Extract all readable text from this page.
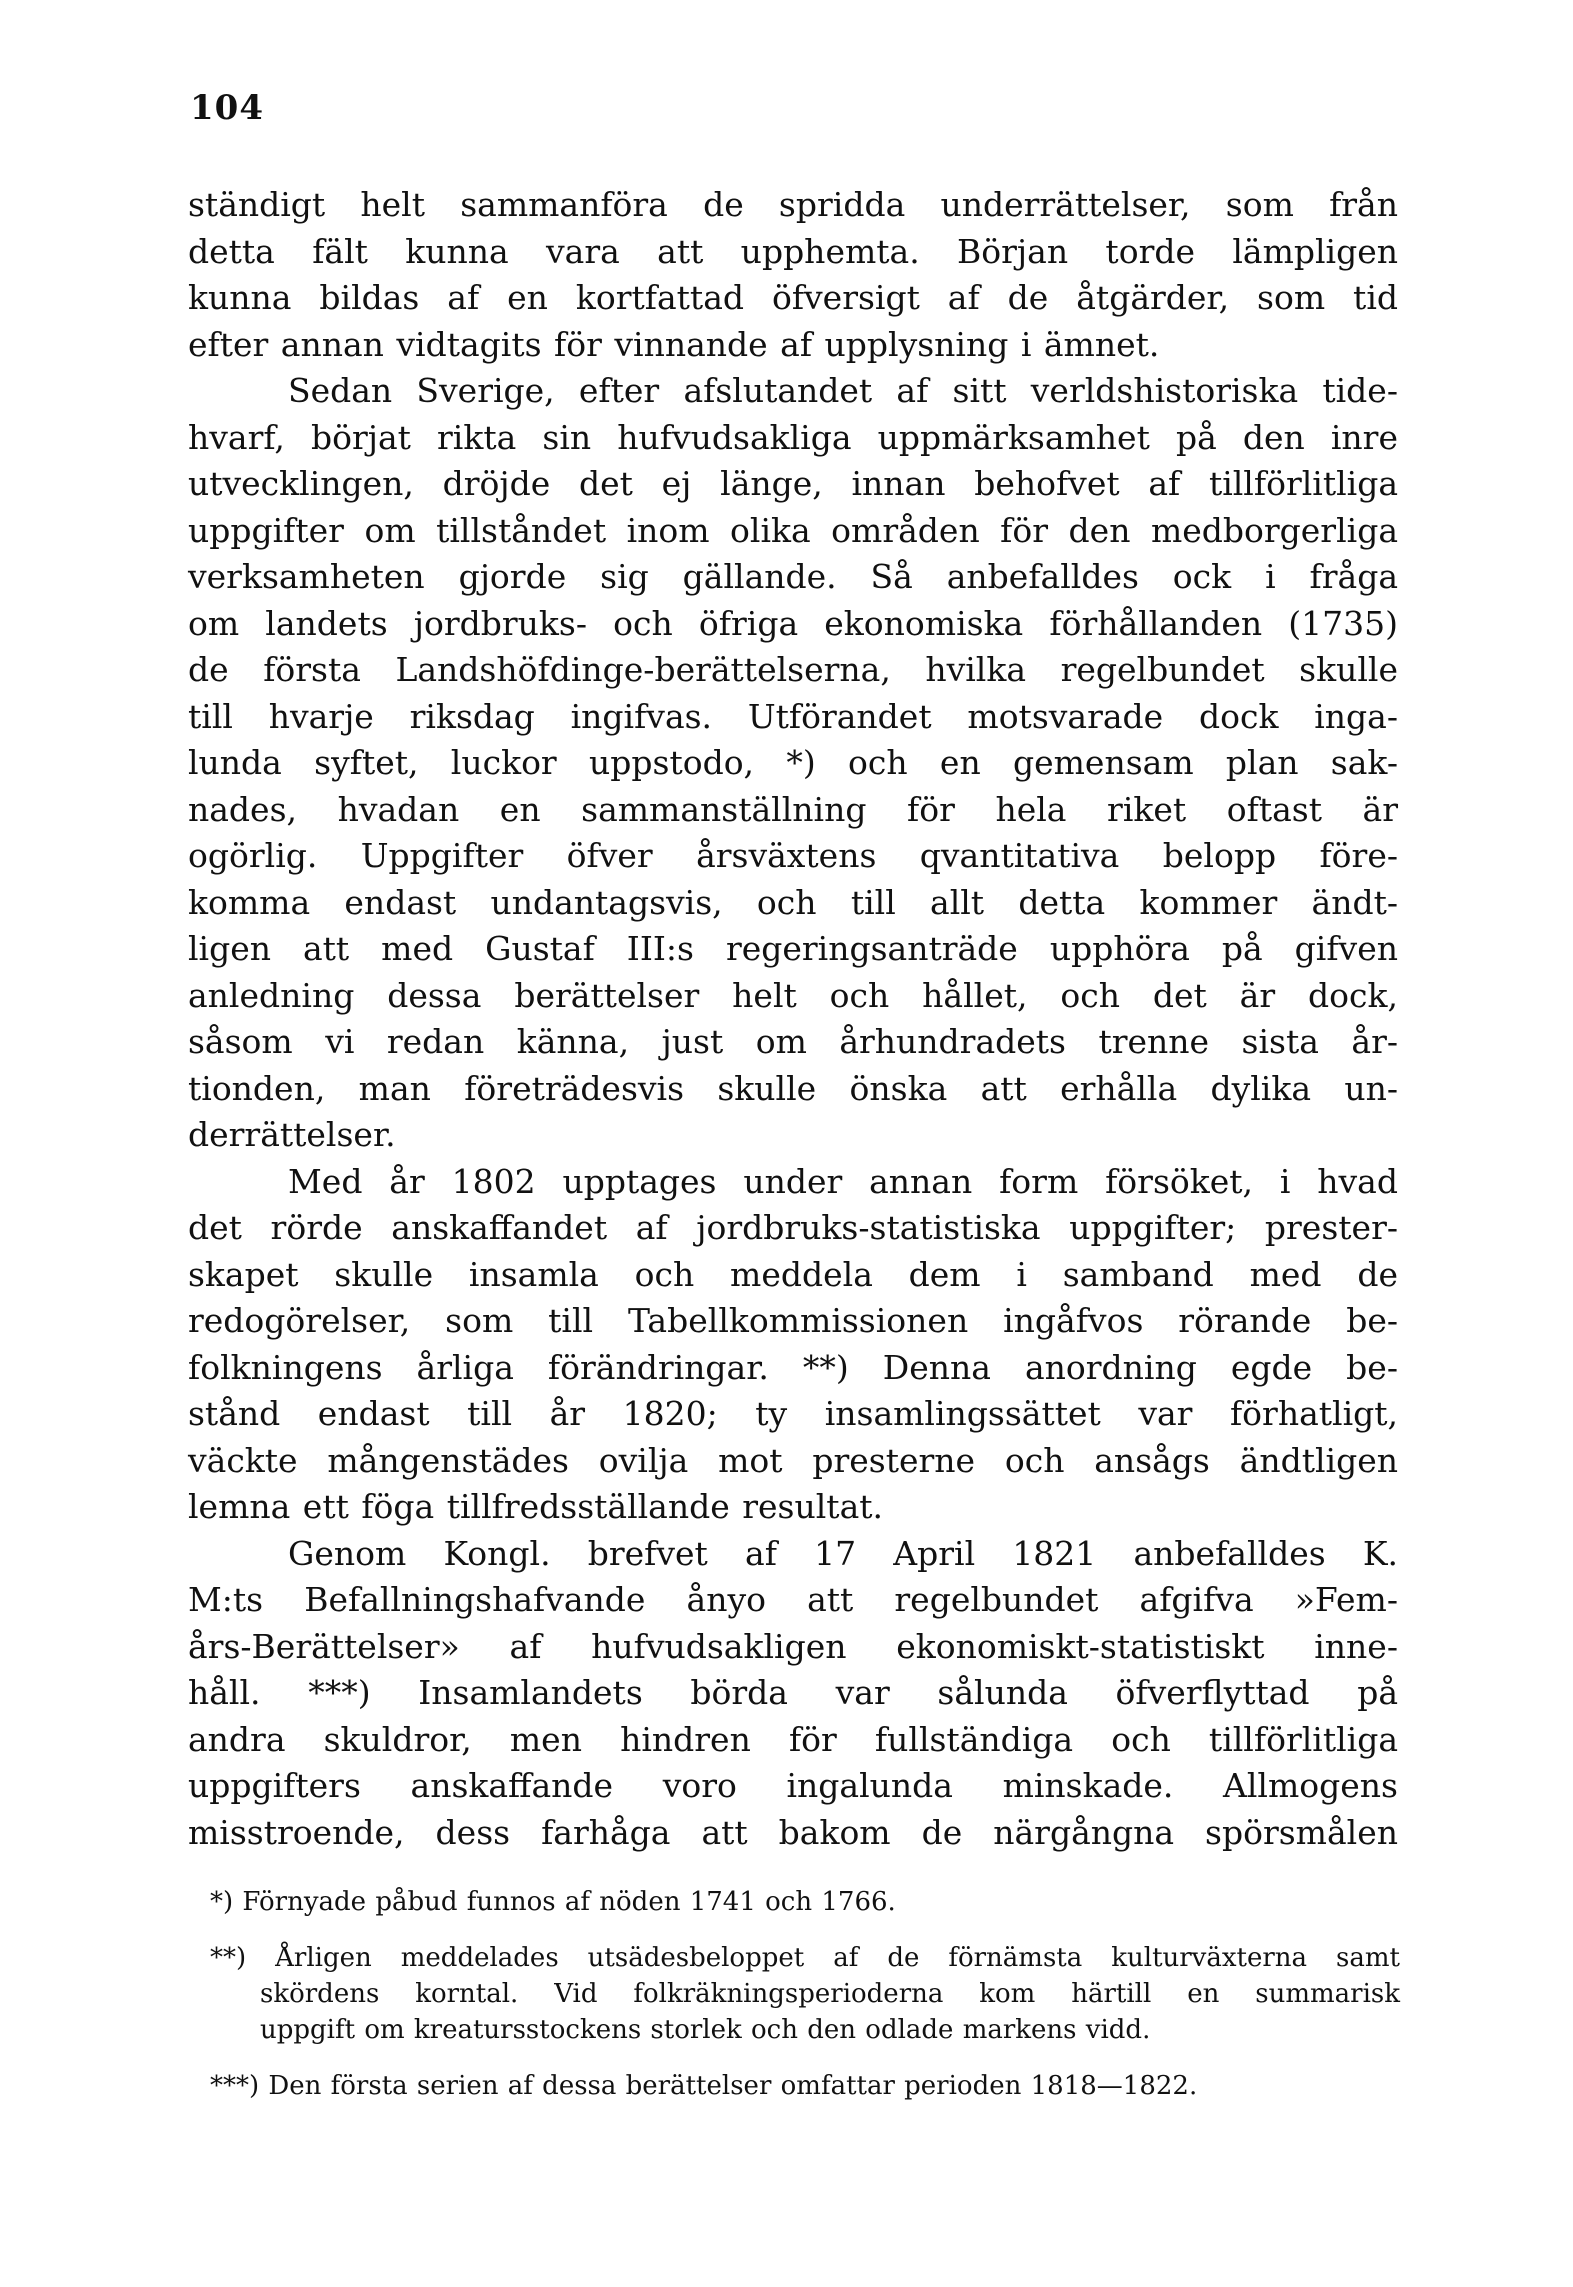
104
ständigt helt sammanföra de spridda underrättelser, som från
detta fält kunna vara att upphemta. Början torde lämpligen
kunna bildas af en kortfattad öfversigt af de åtgärder, som tid
efter annan vidtagits för vinnande af upplysning i ämnet.
Sedan Sverige, efter afslutandet af sitt verldshistoriska tide-
hvarf, börjat rikta sin hufvudsakliga uppmärksamhet på den inre
utvecklingen, dröjde det ej länge, innan behofvet af tillförlitliga
uppgifter om tillståndet inom olika områden för den medborgerliga
verksamheten gjorde sig gällande. Så anbefalldes ock i fråga
om landets jordbruks- och öfriga ekonomiska förhållanden (1735)
de första Landshöfdinge-berättelserna, hvilka regelbundet skulle
till hvarje riksdag ingifvas. Utförandet motsvarade dock inga-
lunda syftet, luckor uppstodo, *) och en gemensam plan sak-
nades, hvadan en sammanställning för hela riket oftast är
ogörlig. Uppgifter öfver årsväxtens qvantitativa belopp före-
komma endast undantagsvis, och till allt detta kommer ändt-
ligen att med Gustaf III:s regeringsanträde upphöra på gifven
anledning dessa berättelser helt och hållet, och det är dock,
såsom vi redan känna, just om århundradets trenne sista år-
tionden, man företrädesvis skulle önska att erhålla dylika un-
derrättelser.
Med år 1802 upptages under annan form försöket, i hvad
det rörde anskaffandet af jordbruks-statistiska uppgifter; prester-
skapet skulle insamla och meddela dem i samband med de
redogörelser, som till Tabellkommissionen ingåfvos rörande be-
folkningens årliga förändringar. **) Denna anordning egde be-
stånd endast till år 1820; ty insamlingssättet var förhatligt,
väckte mångenstädes ovilja mot presterne och ansågs ändtligen
lemna ett föga tillfredsställande resultat.
Genom Kongl. brefvet af 17 April 1821 anbefalldes K.
M:ts Befallningshafvande ånyo att regelbundet afgifva »Fem-
års-Berättelser» af hufvudsakligen ekonomiskt-statistiskt inne-
håll. ***) Insamlandets börda var sålunda öfverflyttad på
andra skuldror, men hindren för fullständiga och tillförlitliga
uppgifters anskaffande voro ingalunda minskade. Allmogens
misstroende, dess farhåga att bakom de närgångna spörsmålen
*) Förnyade påbud funnos af nöden 1741 och 1766.
**) Årligen meddelades utsädesbeloppet af de förnämsta kulturväxterna samt
skördens korntal. Vid folkräkningsperioderna kom härtill en summarisk
uppgift om kreatursstockens storlek och den odlade markens vidd.
***) Den första serien af dessa berättelser omfattar perioden 1818—1822.
